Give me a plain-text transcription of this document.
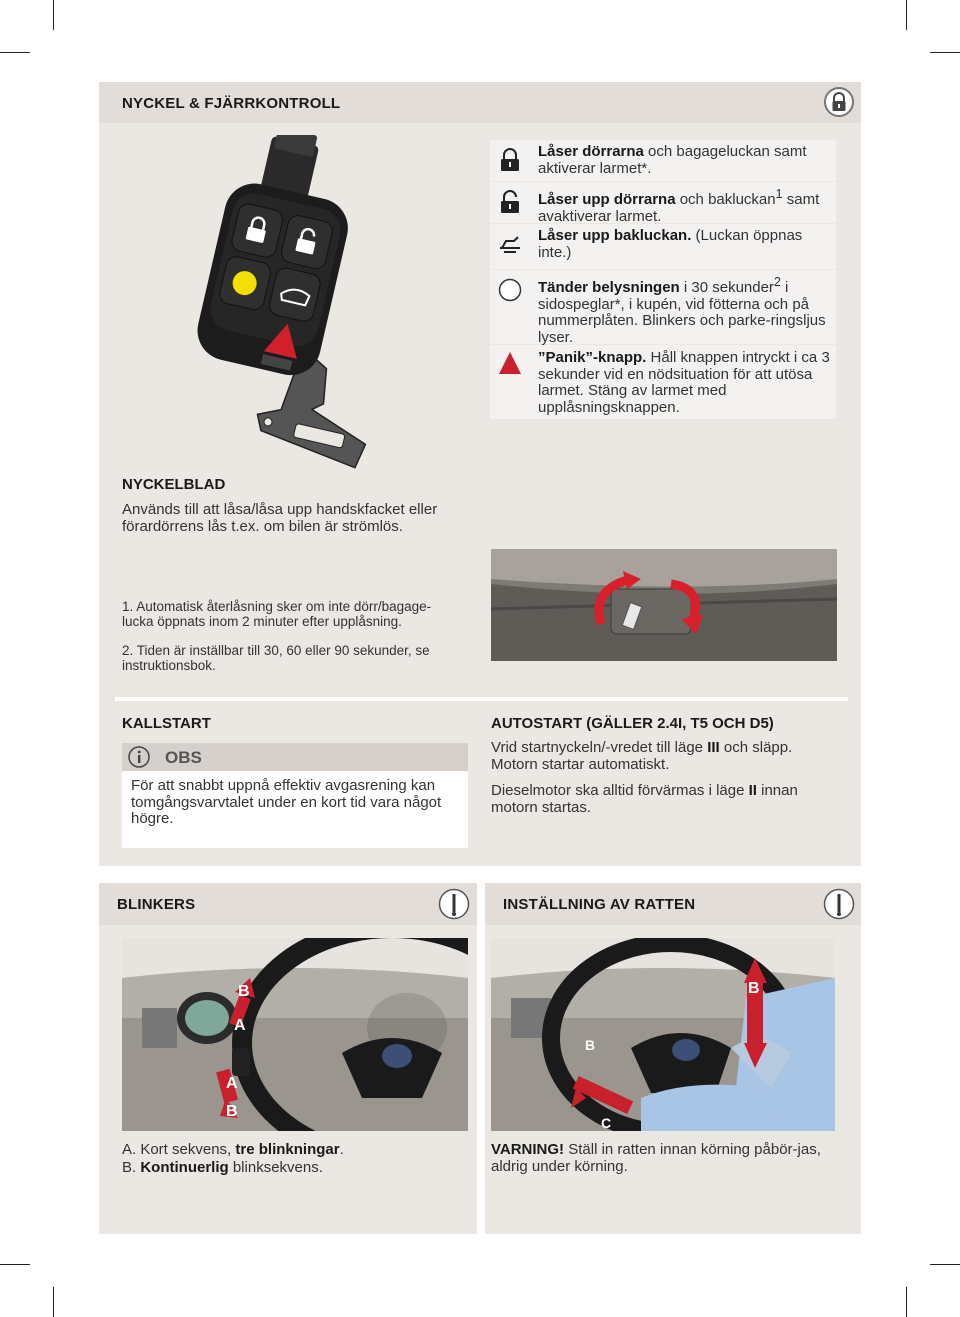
NYCKEL & FJÄRRKONTROLL
Låser dörrarna och bagageluckan samt aktiverar larmet*.
Låser upp dörrarna och bakluckan$^1$ samt avaktiverar larmet.
Låser upp bakluckan. (Luckan öppnas inte.)
Tänder belysningen i 30 sekunder$^2$ i sidospeglar*, i kupén, vid fötterna och på nummerplåten. Blinkers och parke-ringsljus lyser.
”Panik”-knapp. Håll knappen intryckt i ca 3 sekunder vid en nödsituation för att utösa larmet. Stäng av larmet med upplåsningsknappen.
NYCKELBLAD
Används till att låsa/låsa upp handskfacket eller förardörrens lås t.ex. om bilen är strömlös.
1. Automatisk återlåsning sker om inte dörr/bagage-lucka öppnats inom 2 minuter efter upplåsning.
2. Tiden är inställbar till 30, 60 eller 90 sekunder, se instruktionsbok.
KALLSTART
OBS
För att snabbt uppnå effektiv avgasrening kan tomgångsvarvtalet under en kort tid vara något högre.
AUTOSTART (GÄLLER 2.4I, T5 OCH D5)
Vrid startnyckeln/-vredet till läge III och släpp. Motorn startar automatiskt.
Dieselmotor ska alltid förvärmas i läge II innan motorn startas.
BLINKERS
B
A
A
B
A. Kort sekvens, tre blinkningar.
B. Kontinuerlig blinksekvens.
INSTÄLLNING AV RATTEN
B
B
C
VARNING! Ställ in ratten innan körning påbör-jas, aldrig under körning.
